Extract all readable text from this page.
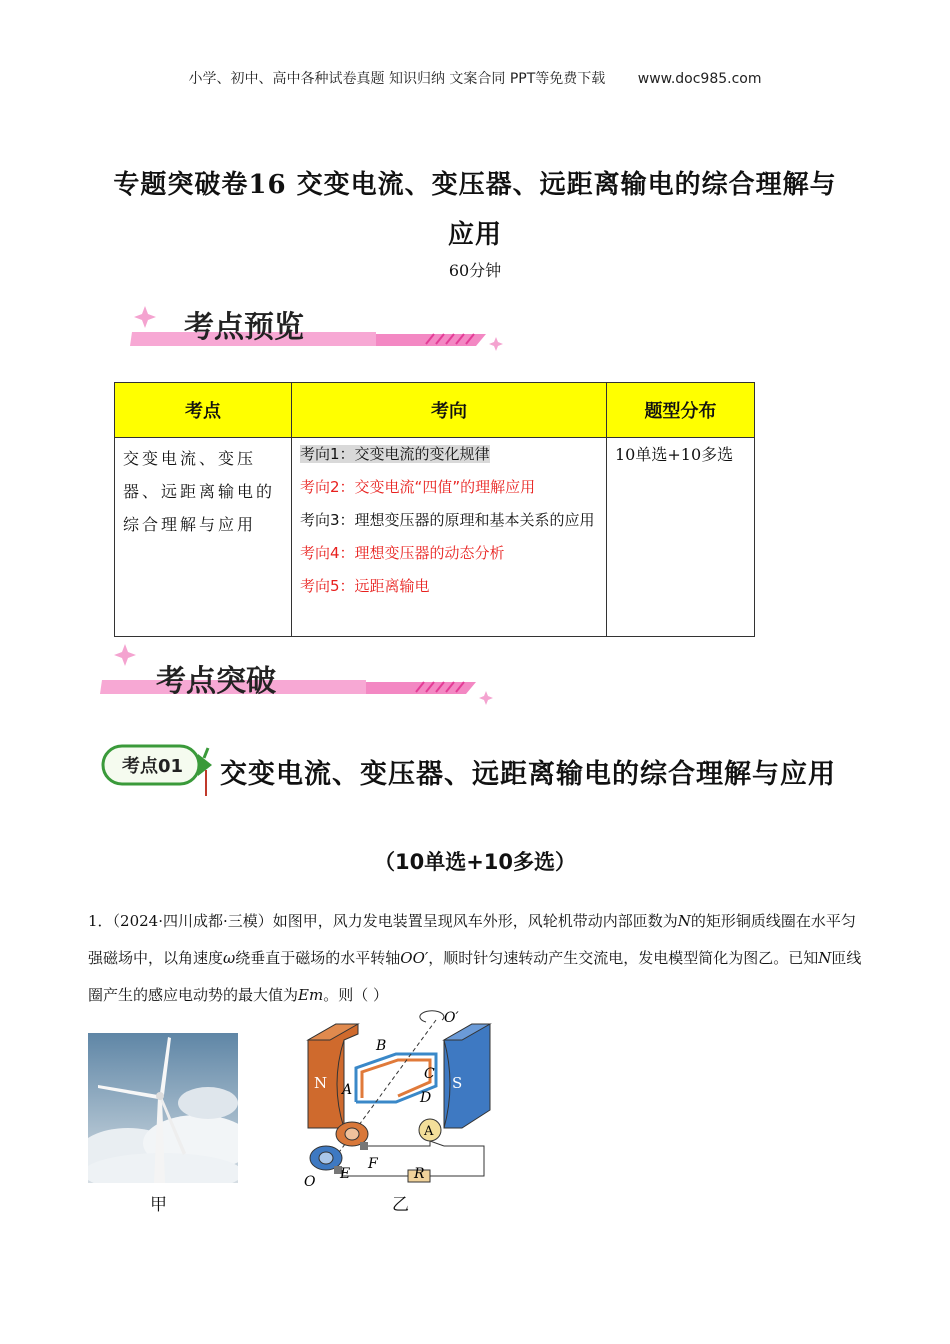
小学、初中、高中各种试卷真题 知识归纳 文案合同 PPT等免费下载 www.doc985.com
专题突破卷16 交变电流、变压器、远距离输电的综合理解与
应用
60分钟
考点预览
考点	考向	题型分布
交变电流、变压器、远距离输电的综合理解与应用	考向1：交变电流的变化规律
考向2：交变电流“四值”的理解应用
考向3：理想变压器的原理和基本关系的应用
考向4：理想变压器的动态分析
考向5：远距离输电	10单选+10多选
考点突破
考点01 交变电流、变压器、远距离输电的综合理解与应用
（10单选+10多选）
1．（2024·四川成都·三模）如图甲，风力发电装置呈现风车外形，风轮机带动内部匝数为N的矩形铜质线圈在水平匀强磁场中，以角速度ω绕垂直于磁场的水平转轴OO′，顺时针匀速转动产生交流电，发电模型简化为图乙。已知N匝线圈产生的感应电动势的最大值为Em。则（ ）
甲
N	S
A
B
A
C
D
F
E
O
O′
R
乙
